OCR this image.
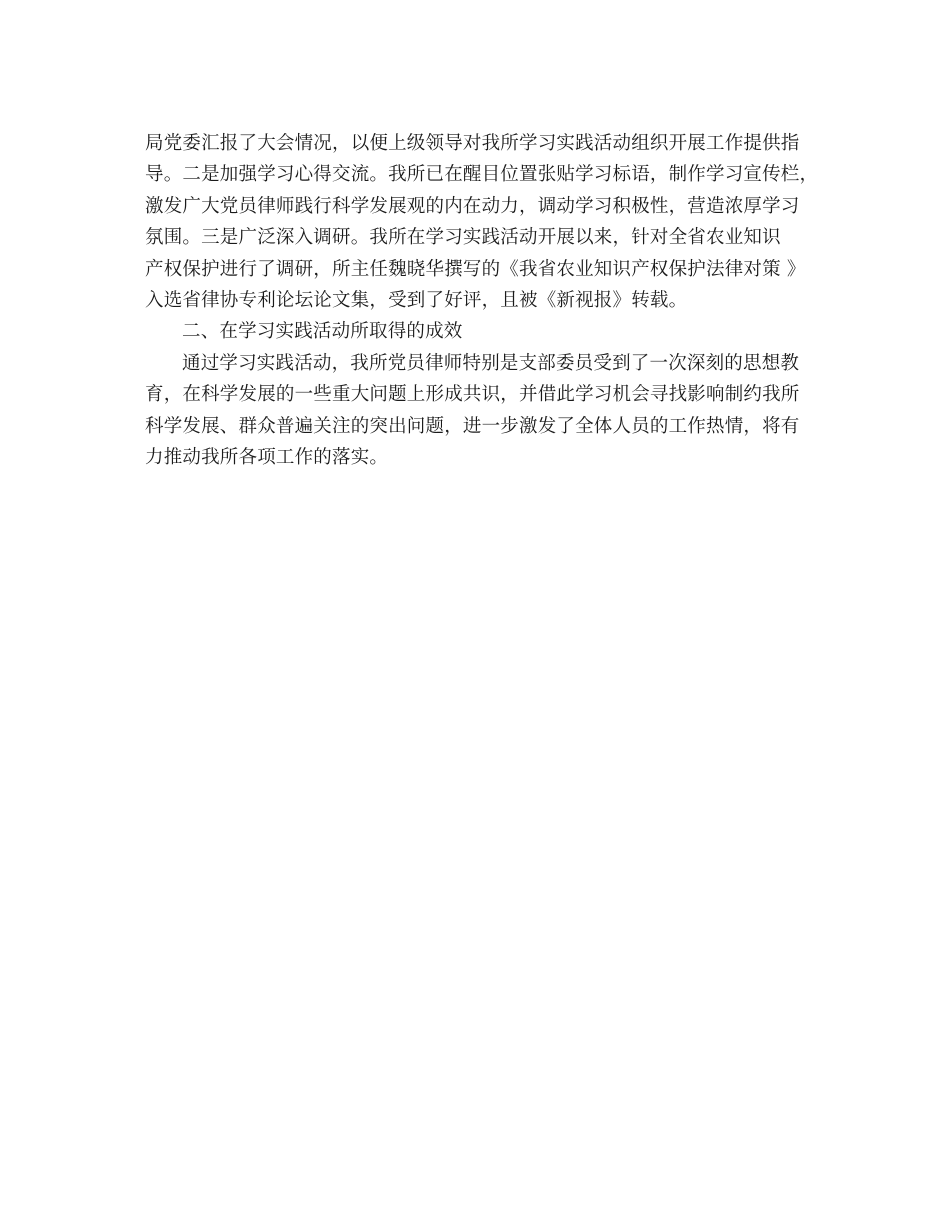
局党委汇报了大会情况，以便上级领导对我所学习实践活动组织开展工作提供指
导。二是加强学习心得交流。我所已在醒目位置张贴学习标语，制作学习宣传栏，
激发广大党员律师践行科学发展观的内在动力，调动学习积极性，营造浓厚学习
氛围。三是广泛深入调研。我所在学习实践活动开展以来，针对全省农业知识
产权保护进行了调研，所主任魏晓华撰写的《我省农业知识产权保护法律对策 》
入选省律协专利论坛论文集，受到了好评，且被《新视报》转载。
二、在学习实践活动所取得的成效
通过学习实践活动，我所党员律师特别是支部委员受到了一次深刻的思想教
育，在科学发展的一些重大问题上形成共识，并借此学习机会寻找影响制约我所
科学发展、群众普遍关注的突出问题，进一步激发了全体人员的工作热情，将有
力推动我所各项工作的落实。
